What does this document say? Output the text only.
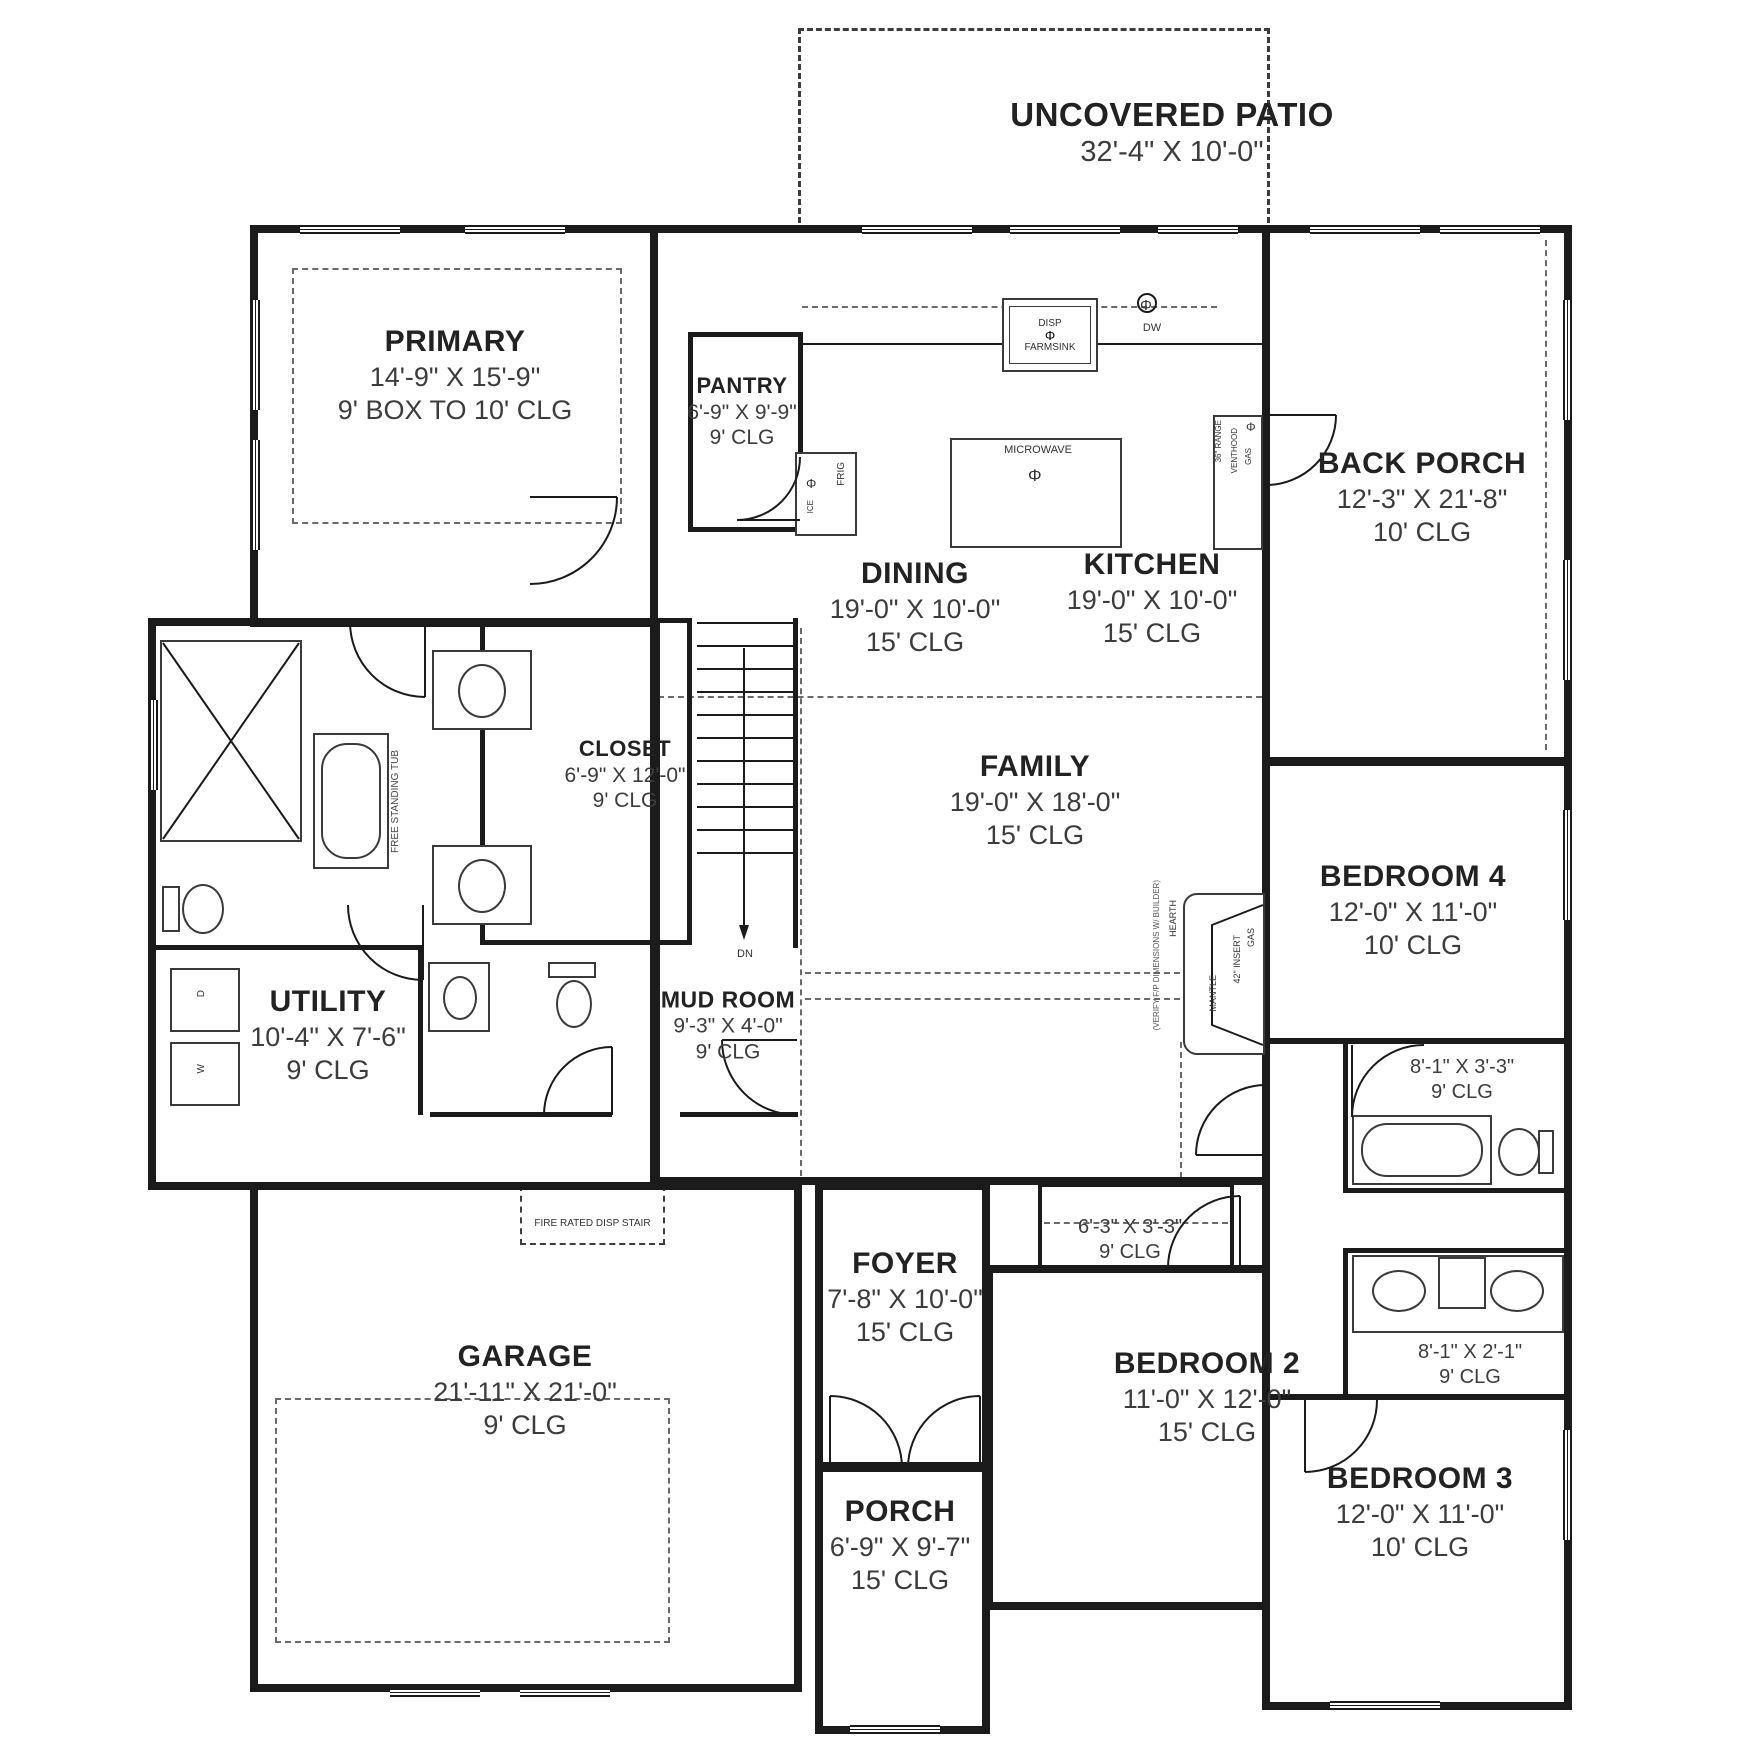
DISP
Φ
FARMSINK
Φ
DW
FRIG
Φ
ICE
MICROWAVE
Φ
36" RANGE VENTHOOD GAS
Φ
FREE STANDING TUB
D
W
(VERIFY F/P DIMENSIONS W/ BUILDER) HEARTH
MANTLE
42" INSERT GAS
FIRE RATED DISP STAIR
UNCOVERED PATIO
32'-4" X 10'-0"
PRIMARY
14'-9" X 15'-9"
9' BOX TO 10' CLG
PANTRY
6'-9" X 9'-9"
9' CLG
KITCHEN
19'-0" X 10'-0"
15' CLG
BACK PORCH
12'-3" X 21'-8"
10' CLG
DINING
19'-0" X 10'-0"
15' CLG
CLOSET
6'-9" X 12'-0"
9' CLG
FAMILY
19'-0" X 18'-0"
15' CLG
BEDROOM 4
12'-0" X 11'-0"
10' CLG
UTILITY
10'-4" X 7'-6"
9' CLG
MUD ROOM
9'-3" X 4'-0"
9' CLG
8'-1" X 3'-3"
9' CLG
6'-3" X 3'-3"
9' CLG
FOYER
7'-8" X 10'-0"
15' CLG
GARAGE
21'-11" X 21'-0"
9' CLG
BEDROOM 2
11'-0" X 12'-0"
15' CLG
8'-1" X 2'-1"
9' CLG
BEDROOM 3
12'-0" X 11'-0"
10' CLG
PORCH
6'-9" X 9'-7"
15' CLG
DN
